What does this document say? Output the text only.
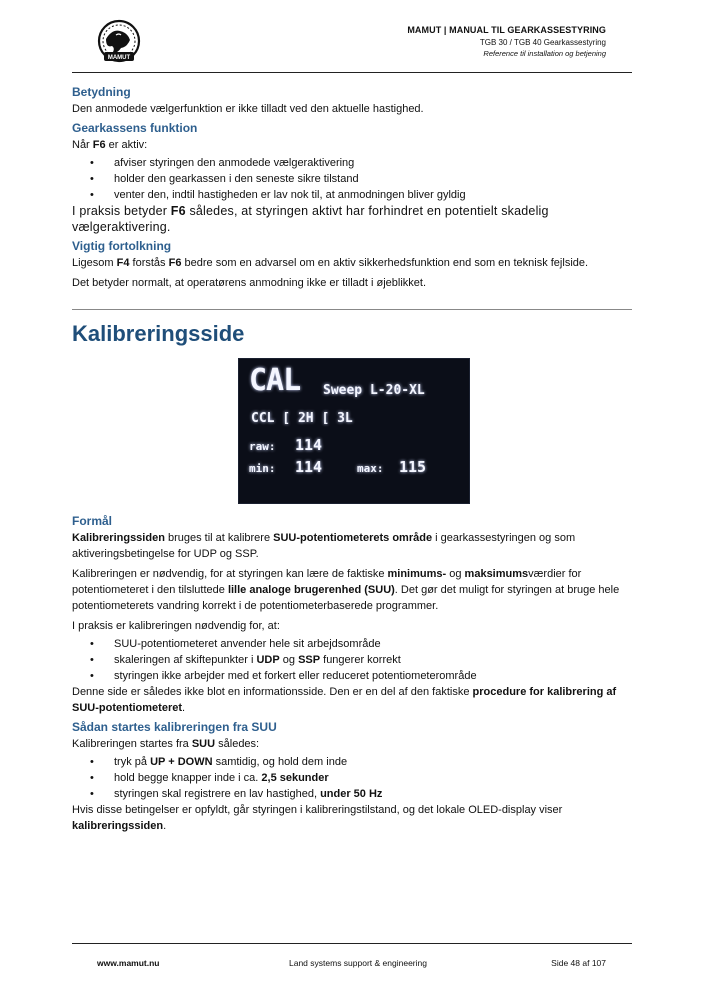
MAMUT
MAMUT | MANUAL TIL GEARKASSESTYRING
TGB 30 / TGB 40 Gearkassestyring
Reference til installation og betjening
Betydning

Den anmodede vælgerfunktion er ikke tilladt ved den aktuelle hastighed.

Gearkassens funktion

Når F6 er aktiv:

• afviser styringen den anmodede vælgeraktivering
• holder den gearkassen i den seneste sikre tilstand
• venter den, indtil hastigheden er lav nok til, at anmodningen bliver gyldig

I praksis betyder F6 således, at styringen aktivt har forhindret en potentielt skadelig vælgeraktivering.

Vigtig fortolkning

Ligesom F4 forstås F6 bedre som en advarsel om en aktiv sikkerhedsfunktion end som en teknisk fejlside.

Det betyder normalt, at operatørens anmodning ikke er tilladt i øjeblikket.

Kalibreringsside
CAL Sweep L-20-XL
CCL [ 2H [ 3L
raw: 114
min: 114	max: 115
Formål

Kalibreringssiden bruges til at kalibrere SUU-potentiometerets område i gearkassestyringen og som aktiveringsbetingelse for UDP og SSP.

Kalibreringen er nødvendig, for at styringen kan lære de faktiske minimums- og maksimumsværdier for potentiometeret i den tilsluttede lille analoge brugerenhed (SUU). Det gør det muligt for styringen at bruge hele potentiometerets vandring korrekt i de potentiometerbaserede programmer.

I praksis er kalibreringen nødvendig for, at:

• SUU-potentiometeret anvender hele sit arbejdsområde
• skaleringen af skiftepunkter i UDP og SSP fungerer korrekt
• styringen ikke arbejder med et forkert eller reduceret potentiometerområde

Denne side er således ikke blot en informationsside. Den er en del af den faktiske procedure for kalibrering af SUU-potentiometeret.

Sådan startes kalibreringen fra SUU

Kalibreringen startes fra SUU således:

• tryk på UP + DOWN samtidig, og hold dem inde
• hold begge knapper inde i ca. 2,5 sekunder
• styringen skal registrere en lav hastighed, under 50 Hz

Hvis disse betingelser er opfyldt, går styringen i kalibreringstilstand, og det lokale OLED-display viser kalibreringssiden.

www.mamut.nu	Land systems support & engineering	Side 48 af 107
